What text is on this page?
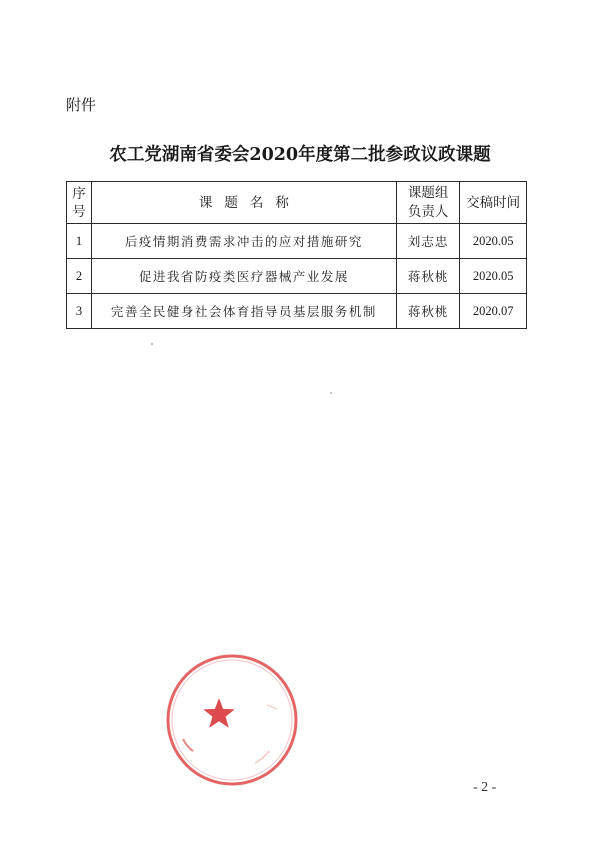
附件
农工党湖南省委会2020年度第二批参政议政课题
序号	课题名称	课题组负责人	交稿时间
1	后疫情期消费需求冲击的应对措施研究	刘志忠	2020.05
2	促进我省防疫类医疗器械产业发展	蒋秋桃	2020.05
3	完善全民健身社会体育指导员基层服务机制	蒋秋桃	2020.07
- 2 -
